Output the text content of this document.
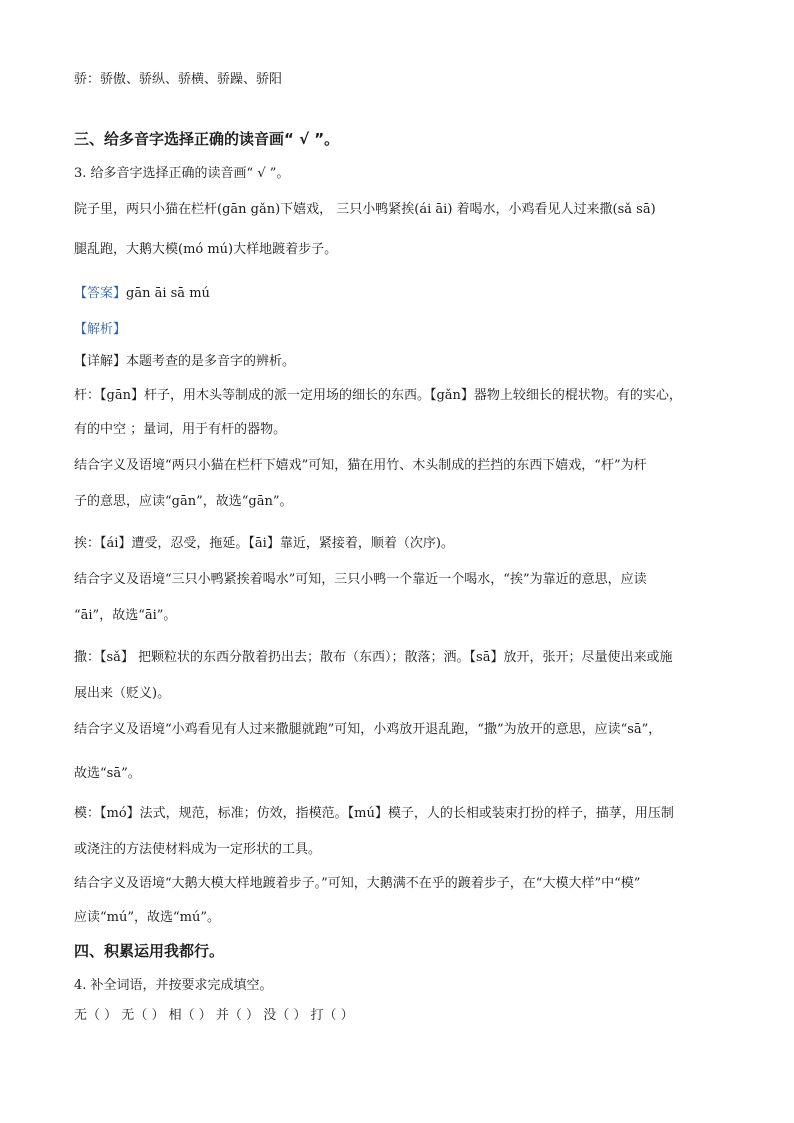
骄：骄傲、骄纵、骄横、骄躁、骄阳
三、给多音字选择正确的读音画“ √ ”。
3. 给多音字选择正确的读音画“ √ ”。
院子里，两只小猫在栏杆(gān gǎn)下嬉戏， 三只小鸭紧挨(ái āi) 着喝水，小鸡看见人过来撒(sǎ sā)
腿乱跑，大鹅大模(mó mú)大样地踱着步子。
【答案】gān āi sā mú
【解析】
【详解】本题考查的是多音字的辨析。
杆：【gān】杆子，用木头等制成的派一定用场的细长的东西。【gǎn】器物上较细长的棍状物。有的实心，
有的中空 ；量词，用于有杆的器物。
结合字义及语境“两只小猫在栏杆下嬉戏”可知，猫在用竹、木头制成的拦挡的东西下嬉戏，“杆”为杆
子的意思，应读“gān”，故选“gān”。
挨：【ái】遭受，忍受，拖延。【āi】靠近，紧接着，顺着（次序)。
结合字义及语境“三只小鸭紧挨着喝水”可知，三只小鸭一个靠近一个喝水，“挨”为靠近的意思，应读
“āi”，故选“āi”。
撒：【sǎ】 把颗粒状的东西分散着扔出去；散布（东西）；散落；洒。【sā】放开，张开；尽量使出来或施
展出来（贬义)。
结合字义及语境“小鸡看见有人过来撒腿就跑”可知，小鸡放开退乱跑，“撒”为放开的意思，应读“sā”，
故选“sā”。
模：【mó】法式，规范，标准；仿效，指模范。【mú】模子，人的长相或装束打扮的样子，描莩，用压制
或浇注的方法使材料成为一定形状的工具。
结合字义及语境“大鹅大模大样地踱着步子。”可知，大鹅满不在乎的踱着步子，在“大模大样”中“模”
应读“mú”，故选“mú”。
四、积累运用我都行。
4. 补全词语，并按要求完成填空。
无（ ） 无（ ） 相（ ） 并（ ） 没（ ） 打（ ）
